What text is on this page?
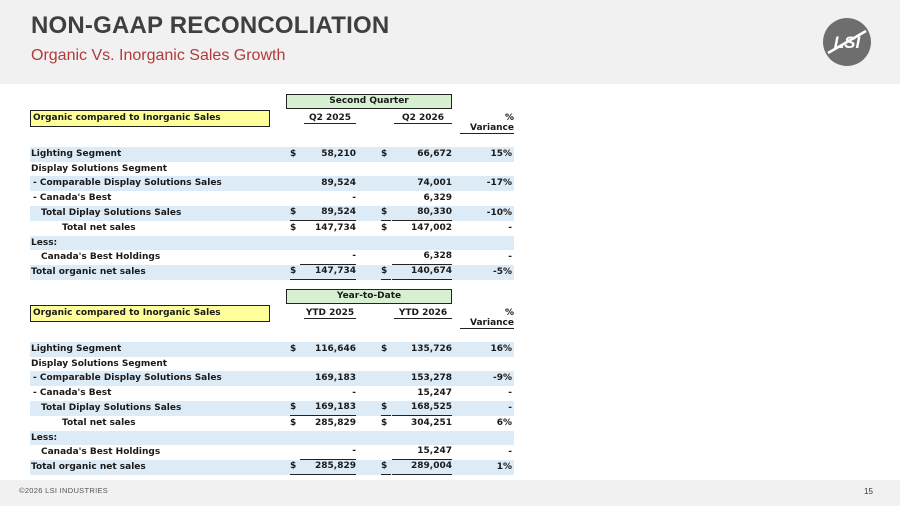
NON-GAAP RECONCOLIATION
Organic Vs. Inorganic Sales Growth
LSI
Second Quarter
Organic compared to Inorganic Sales	Q2 2025	Q2 2026	% Variance
Lighting Segment	$	58,210	$	66,672	15%
Display Solutions Segment
- Comparable Display Solutions Sales	89,524	74,001	-17%
- Canada's Best	-	6,329
Total Diplay Solutions Sales	$	89,524	$	80,330	-10%
Total net sales	$	147,734	$	147,002	-
Less:
Canada's Best Holdings	-	6,328	-
Total organic net sales	$	147,734	$	140,674	-5%
Year-to-Date
Organic compared to Inorganic Sales	YTD 2025	YTD 2026	% Variance
Lighting Segment	$	116,646	$	135,726	16%
Display Solutions Segment
- Comparable Display Solutions Sales	169,183	153,278	-9%
- Canada's Best	-	15,247	-
Total Diplay Solutions Sales	$	169,183	$	168,525	-
Total net sales	$	285,829	$	304,251	6%
Less:
Canada's Best Holdings	-	15,247	-
Total organic net sales	$	285,829	$	289,004	1%
©2026 LSI INDUSTRIES	15
